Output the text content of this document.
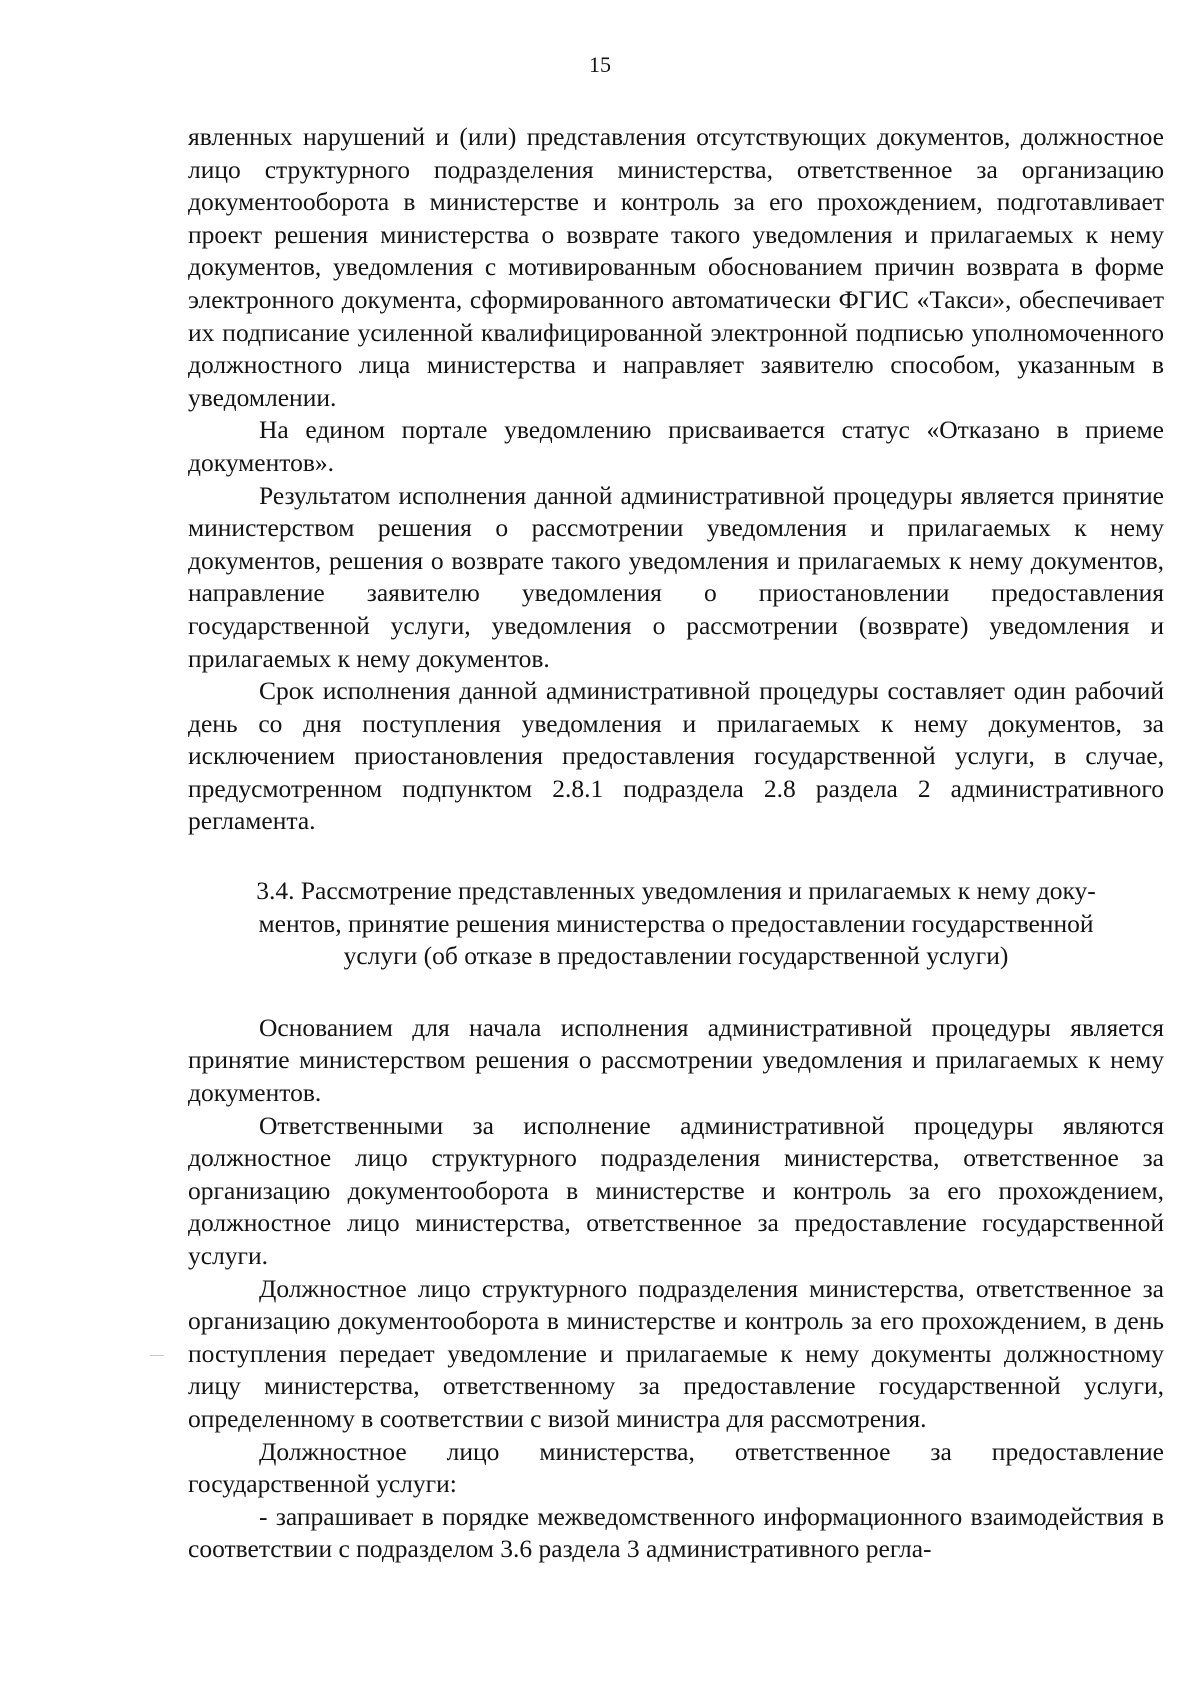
15

явленных нарушений и (или) представления отсутствующих документов, должностное лицо структурного подразделения министерства, ответственное за организацию документооборота в министерстве и контроль за его прохождением, подготавливает проект решения министерства о возврате такого уведомления и прилагаемых к нему документов, уведомления с мотивированным обоснованием причин возврата в форме электронного документа, сформированного автоматически ФГИС «Такси», обеспечивает их подписание усиленной квалифицированной электронной подписью уполномоченного должностного лица министерства и направляет заявителю способом, указанным в уведомлении.

На едином портале уведомлению присваивается статус «Отказано в приеме документов».

Результатом исполнения данной административной процедуры является принятие министерством решения о рассмотрении уведомления и прилагаемых к нему документов, решения о возврате такого уведомления и прилагаемых к нему документов, направление заявителю уведомления о приостановлении предоставления государственной услуги, уведомления о рассмотрении (возврате) уведомления и прилагаемых к нему документов.

Срок исполнения данной административной процедуры составляет один рабочий день со дня поступления уведомления и прилагаемых к нему документов, за исключением приостановления предоставления государственной услуги, в случае, предусмотренном подпунктом 2.8.1 подраздела 2.8 раздела 2 административного регламента.

3.4. Рассмотрение представленных уведомления и прилагаемых к нему доку-
ментов, принятие решения министерства о предоставлении государственной
услуги (об отказе в предоставлении государственной услуги)

Основанием для начала исполнения административной процедуры является принятие министерством решения о рассмотрении уведомления и прилагаемых к нему документов.

Ответственными за исполнение административной процедуры являются должностное лицо структурного подразделения министерства, ответственное за организацию документооборота в министерстве и контроль за его прохождением, должностное лицо министерства, ответственное за предоставление государственной услуги.

Должностное лицо структурного подразделения министерства, ответственное за организацию документооборота в министерстве и контроль за его прохождением, в день поступления передает уведомление и прилагаемые к нему документы должностному лицу министерства, ответственному за предоставление государственной услуги, определенному в соответствии с визой министра для рассмотрения.

Должностное лицо министерства, ответственное за предоставление государственной услуги:

- запрашивает в порядке межведомственного информационного взаимодействия в соответствии с подразделом 3.6 раздела 3 административного регла-
